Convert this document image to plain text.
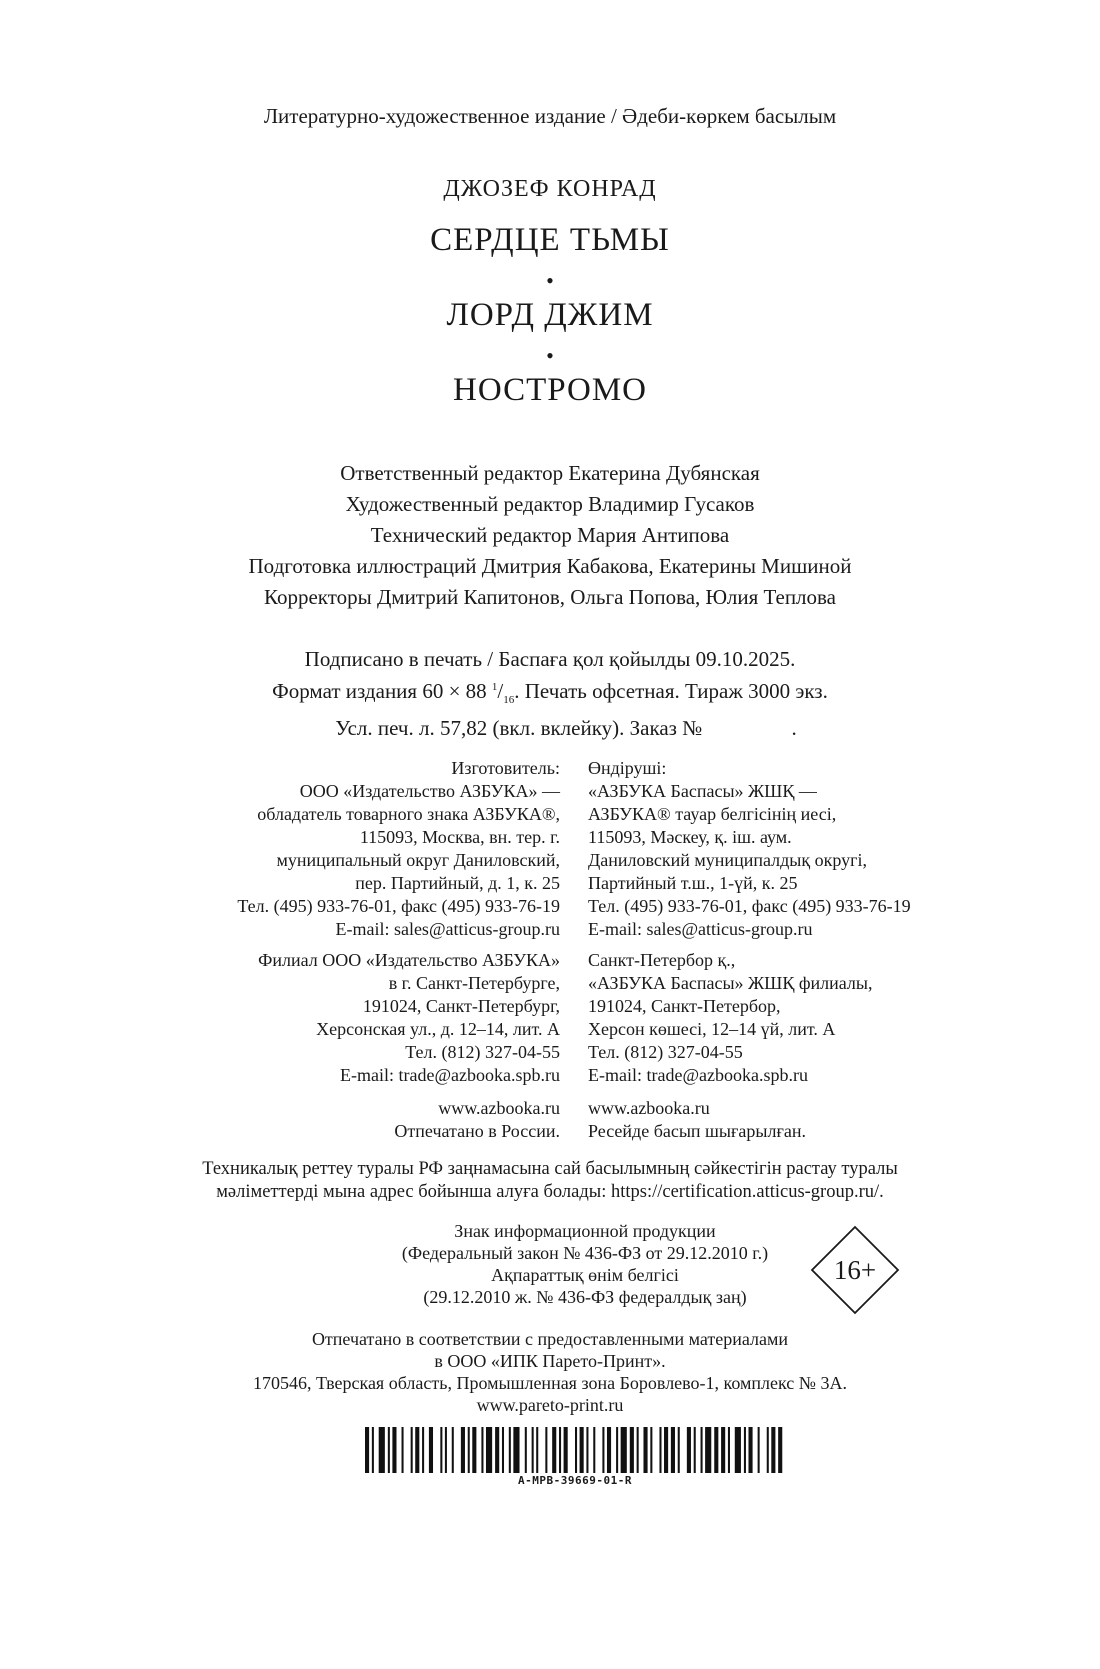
Литературно-художественное издание / Әдеби-көркем басылым
ДЖОЗЕФ КОНРАД
СЕРДЦЕ ТЬМЫ
•
ЛОРД ДЖИМ
•
НОСТРОМО
Ответственный редактор Екатерина Дубянская
Художественный редактор Владимир Гусаков
Технический редактор Мария Антипова
Подготовка иллюстраций Дмитрия Кабакова, Екатерины Мишиной
Корректоры Дмитрий Капитонов, Ольга Попова, Юлия Теплова
Подписано в печать / Баспаға қол қойылды 09.10.2025.
Формат издания 60 × 88 $^1/_{16}$. Печать офсетная. Тираж 3000 экз.
Усл. печ. л. 57,82 (вкл. вклейку). Заказ №                 .
Изготовитель:
ООО «Издательство АЗБУКА» —
обладатель товарного знака АЗБУКА®,
115093, Москва, вн. тер. г.
муниципальный округ Даниловский,
пер. Партийный, д. 1, к. 25
Тел. (495) 933-76-01, факс (495) 933-76-19
E-mail: sales@atticus-group.ru
Филиал ООО «Издательство АЗБУКА»
в г. Санкт-Петербурге,
191024, Санкт-Петербург,
Херсонская ул., д. 12–14, лит. А
Тел. (812) 327-04-55
E-mail: trade@azbooka.spb.ru
www.azbooka.ru
Отпечатано в России.
Өндіруші:
«АЗБУКА Баспасы» ЖШҚ —
АЗБУКА® тауар белгісінің иесі,
115093, Мәскеу, қ. іш. аум.
Даниловский муниципалдық округі,
Партийный т.ш., 1-үй, к. 25
Тел. (495) 933-76-01, факс (495) 933-76-19
E-mail: sales@atticus-group.ru
Санкт-Петербор қ.,
«АЗБУКА Баспасы» ЖШҚ филиалы,
191024, Санкт-Петербор,
Херсон көшесі, 12–14 үй, лит. А
Тел. (812) 327-04-55
E-mail: trade@azbooka.spb.ru
www.azbooka.ru
Ресейде басып шығарылған.
Техникалық реттеу туралы РФ заңнамасына сай басылымның сәйкестігін растау туралы
мәліметтерді мына адрес бойынша алуға болады: https://certification.atticus-group.ru/.
Знак информационной продукции
(Федеральный закон № 436-ФЗ от 29.12.2010 г.)
Ақпараттық өнім белгісі
(29.12.2010 ж. № 436-ФЗ федералдық заң)
16+
Отпечатано в соответствии с предоставленными материалами
в ООО «ИПК Парето-Принт».
170546, Тверская область, Промышленная зона Боровлево-1, комплекс № 3А.
www.pareto-print.ru
A-MPB-39669-01-R
